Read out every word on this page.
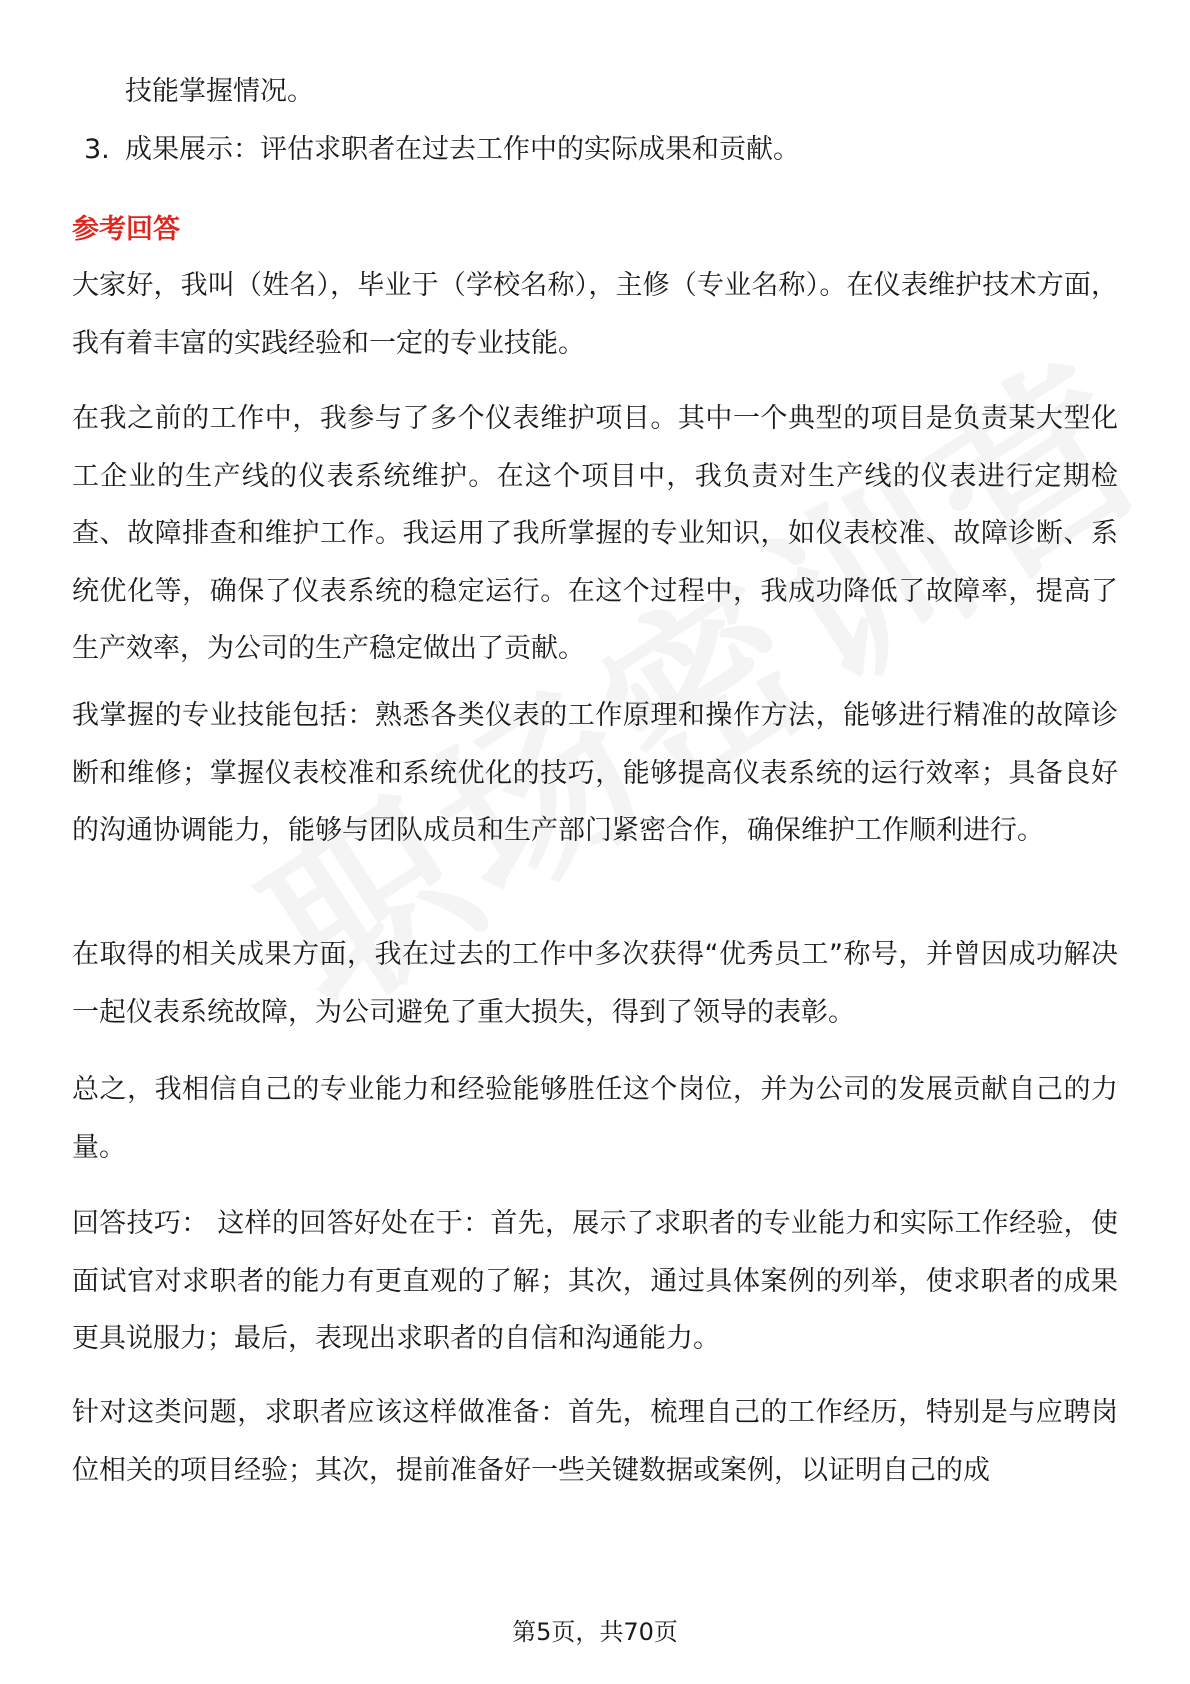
技能掌握情况。

3. 成果展示：评估求职者在过去工作中的实际成果和贡献。

参考回答

大家好，我叫（姓名），毕业于（学校名称），主修（专业名称）。在仪表维护技术方面，我有着丰富的实践经验和一定的专业技能。

在我之前的工作中，我参与了多个仪表维护项目。其中一个典型的项目是负责某大型化工企业的生产线的仪表系统维护。在这个项目中，我负责对生产线的仪表进行定期检查、故障排查和维护工作。我运用了我所掌握的专业知识，如仪表校准、故障诊断、系统优化等，确保了仪表系统的稳定运行。在这个过程中，我成功降低了故障率，提高了生产效率，为公司的生产稳定做出了贡献。

我掌握的专业技能包括：熟悉各类仪表的工作原理和操作方法，能够进行精准的故障诊断和维修；掌握仪表校准和系统优化的技巧，能够提高仪表系统的运行效率；具备良好的沟通协调能力，能够与团队成员和生产部门紧密合作，确保维护工作顺利进行。

在取得的相关成果方面，我在过去的工作中多次获得“优秀员工”称号，并曾因成功解决一起仪表系统故障，为公司避免了重大损失，得到了领导的表彰。

总之，我相信自己的专业能力和经验能够胜任这个岗位，并为公司的发展贡献自己的力量。

回答技巧： 这样的回答好处在于：首先，展示了求职者的专业能力和实际工作经验，使面试官对求职者的能力有更直观的了解；其次，通过具体案例的列举，使求职者的成果更具说服力；最后，表现出求职者的自信和沟通能力。

针对这类问题，求职者应该这样做准备：首先，梳理自己的工作经历，特别是与应聘岗位相关的项目经验；其次，提前准备好一些关键数据或案例，以证明自己的成

第5页，共70页
